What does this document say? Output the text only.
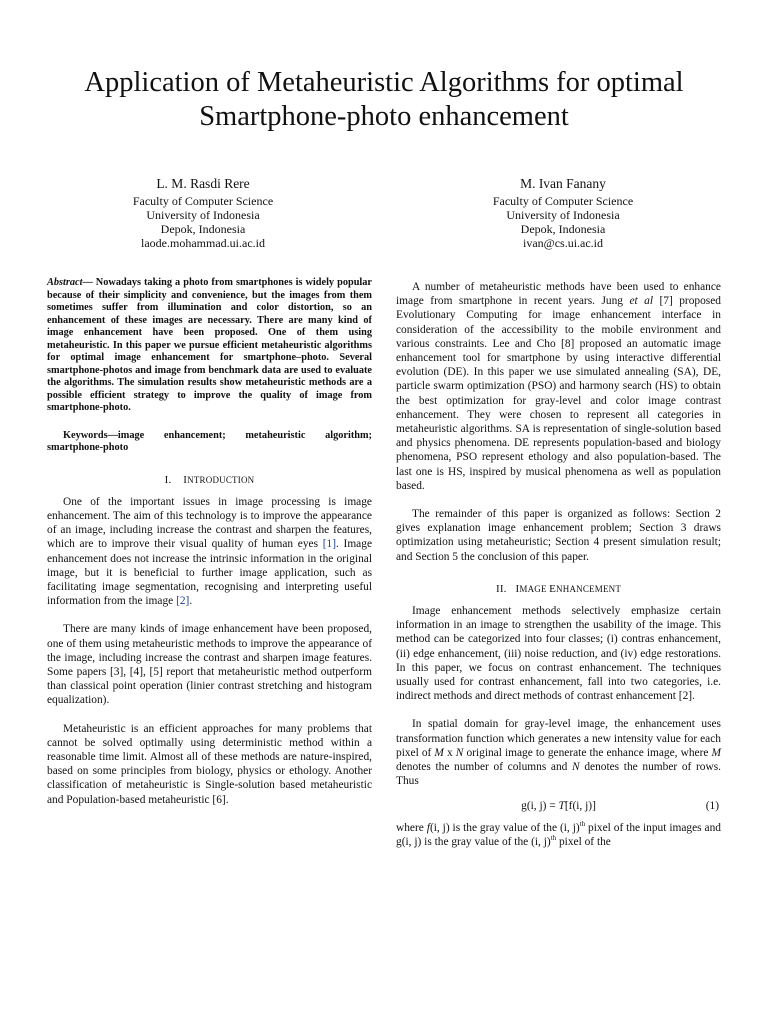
Application of Metaheuristic Algorithms for optimal Smartphone-photo enhancement
L. M. Rasdi Rere
Faculty of Computer Science
University of Indonesia
Depok, Indonesia
laode.mohammad.ui.ac.id
M. Ivan Fanany
Faculty of Computer Science
University of Indonesia
Depok, Indonesia
ivan@cs.ui.ac.id

Abstract— Nowadays taking a photo from smartphones is widely popular because of their simplicity and convenience, but the images from them sometimes suffer from illumination and color distortion, so an enhancement of these images are necessary. There are many kind of image enhancement have been proposed. One of them using metaheuristic. In this paper we pursue efficient metaheuristic algorithms for optimal image enhancement for smartphone–photo. Several smartphone-photos and image from benchmark data are used to evaluate the algorithms. The simulation results show metaheuristic methods are a possible efficient strategy to improve the quality of image from smartphone-photo.

Keywords—image enhancement; metaheuristic algorithm; smartphone-photo

I. INTRODUCTION

One of the important issues in image processing is image enhancement. The aim of this technology is to improve the appearance of an image, including increase the contrast and sharpen the features, which are to improve their visual quality of human eyes [1]. Image enhancement does not increase the intrinsic information in the original image, but it is beneficial to further image application, such as facilitating image segmentation, recognising and interpreting useful information from the image [2].

There are many kinds of image enhancement have been proposed, one of them using metaheuristic methods to improve the appearance of the image, including increase the contrast and sharpen image features. Some papers [3], [4], [5] report that metaheuristic method outperform than classical point operation (linier contrast stretching and histogram equalization).

Metaheuristic is an efficient approaches for many problems that cannot be solved optimally using deterministic method within a reasonable time limit. Almost all of these methods are nature-inspired, based on some principles from biology, physics or ethology. Another classification of metaheuristic is Single-solution based metaheuristic and Population-based metaheuristic [6].

A number of metaheuristic methods have been used to enhance image from smartphone in recent years. Jung et al [7] proposed Evolutionary Computing for image enhancement interface in consideration of the accessibility to the mobile environment and various constraints. Lee and Cho [8] proposed an automatic image enhancement tool for smartphone by using interactive differential evolution (DE). In this paper we use simulated annealing (SA), DE, particle swarm optimization (PSO) and harmony search (HS) to obtain the best optimization for gray-level and color image contrast enhancement. They were chosen to represent all categories in metaheuristic algorithms. SA is representation of single-solution based and physics phenomena. DE represents population-based and biology phenomena, PSO represent ethology and also population-based. The last one is HS, inspired by musical phenomena as well as population based.

The remainder of this paper is organized as follows: Section 2 gives explanation image enhancement problem; Section 3 draws optimization using metaheuristic; Section 4 present simulation result; and Section 5 the conclusion of this paper.

II. IMAGE ENHANCEMENT

Image enhancement methods selectively emphasize certain information in an image to strengthen the usability of the image. This method can be categorized into four classes; (i) contras enhancement, (ii) edge enhancement, (iii) noise reduction, and (iv) edge restorations. In this paper, we focus on contrast enhancement. The techniques usually used for contrast enhancement, fall into two categories, i.e. indirect methods and direct methods of contrast enhancement [2].

In spatial domain for gray-level image, the enhancement uses transformation function which generates a new intensity value for each pixel of M x N original image to generate the enhance image, where M denotes the number of columns and N denotes the number of rows. Thus

g(i, j) = T[f(i, j)]	(1)

where f(i, j) is the gray value of the (i, j)$^{th}$ pixel of the input images and g(i, j) is the gray value of the (i, j)$^{th}$ pixel of the
